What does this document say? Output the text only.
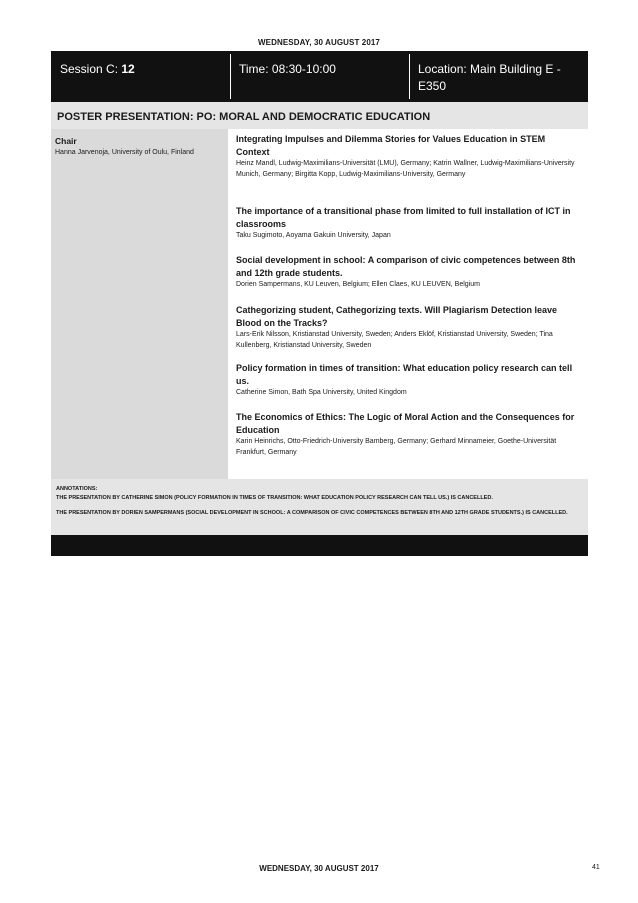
WEDNESDAY, 30 AUGUST 2017
Session C: 12	Time: 08:30-10:00	Location: Main Building E - E350
POSTER PRESENTATION: PO: MORAL AND DEMOCRATIC EDUCATION
Chair
Hanna Jarvenoja, University of Oulu, Finland
Integrating Impulses and Dilemma Stories for Values Education in STEM Context
Heinz Mandl, Ludwig-Maximilians-Universität (LMU), Germany; Katrin Wallner, Ludwig-Maximilians-University Munich, Germany; Birgitta Kopp, Ludwig-Maximilians-University, Germany
The importance of a transitional phase from limited to full installation of ICT in classrooms
Taku Sugimoto, Aoyama Gakuin University, Japan
Social development in school: A comparison of civic competences between 8th and 12th grade students.
Dorien Sampermans, KU Leuven, Belgium; Ellen Claes, KU LEUVEN, Belgium
Cathegorizing student, Cathegorizing texts. Will Plagiarism Detection leave Blood on the Tracks?
Lars-Erik Nilsson, Kristianstad University, Sweden; Anders Eklöf, Kristianstad University, Sweden; Tina Kullenberg, Kristianstad University, Sweden
Policy formation in times of transition: What education policy research can tell us.
Catherine Simon, Bath Spa University, United Kingdom
The Economics of Ethics: The Logic of Moral Action and the Consequences for Education
Karin Heinrichs, Otto-Friedrich-University Bamberg, Germany; Gerhard Minnameier, Goethe-Universität Frankfurt, Germany

ANNOTATIONS:

THE PRESENTATION BY CATHERINE SIMON (POLICY FORMATION IN TIMES OF TRANSITION: WHAT EDUCATION POLICY RESEARCH CAN TELL US.) IS CANCELLED.

THE PRESENTATION BY DORIEN SAMPERMANS (SOCIAL DEVELOPMENT IN SCHOOL: A COMPARISON OF CIVIC COMPETENCES BETWEEN 8TH AND 12TH GRADE STUDENTS.) IS CANCELLED.

WEDNESDAY, 30 AUGUST 2017	41
